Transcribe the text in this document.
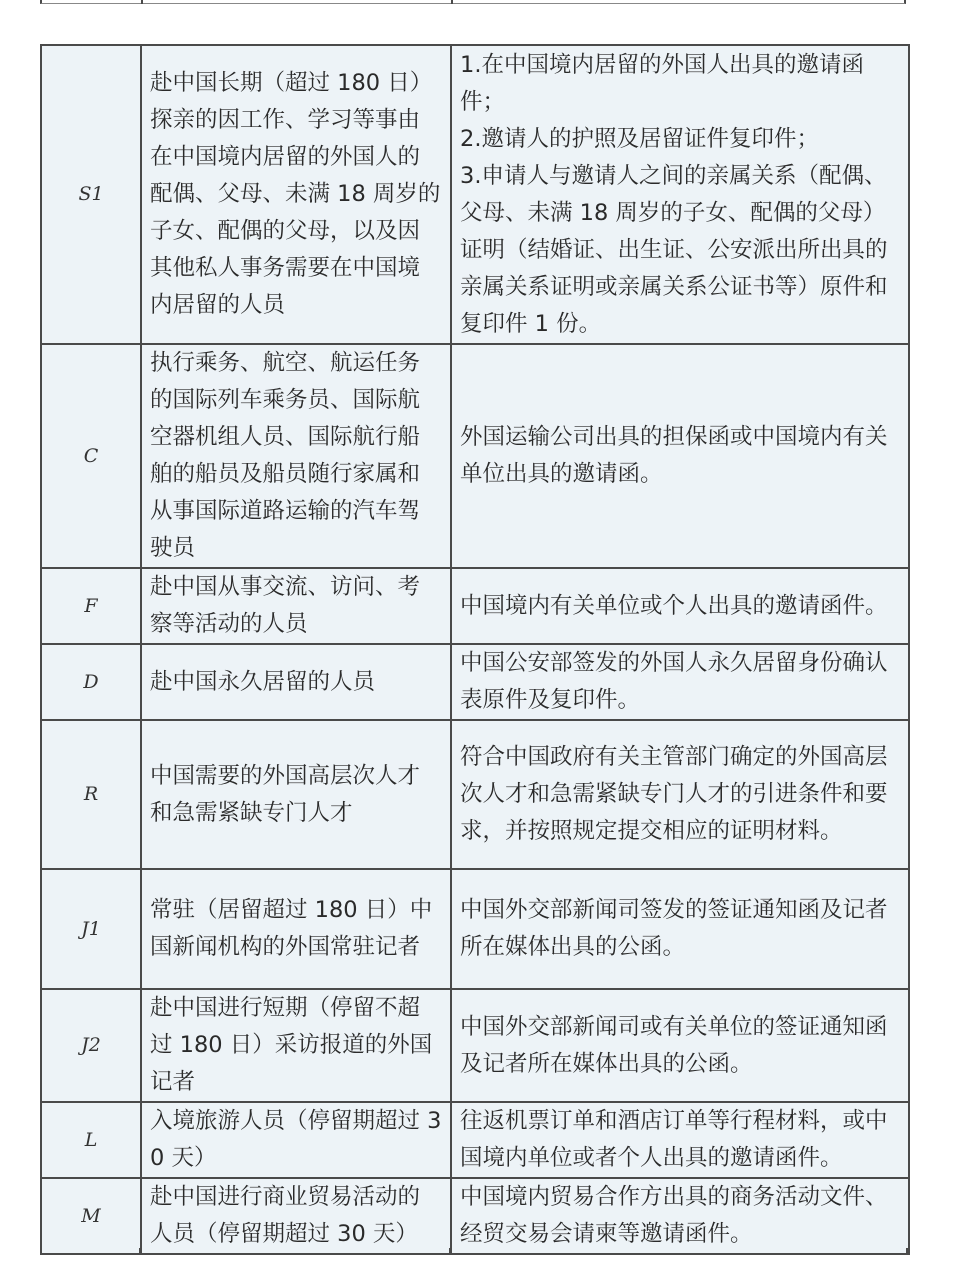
S1	赴中国长期（超过 180 日）探亲的因工作、学习等事由在中国境内居留的外国人的配偶、父母、未满 18 周岁的子女、配偶的父母，以及因其他私人事务需要在中国境内居留的人员	1.在中国境内居留的外国人出具的邀请函件；
2.邀请人的护照及居留证件复印件；
3.申请人与邀请人之间的亲属关系（配偶、父母、未满 18 周岁的子女、配偶的父母）证明（结婚证、出生证、公安派出所出具的亲属关系证明或亲属关系公证书等）原件和复印件 1 份。

C	执行乘务、航空、航运任务的国际列车乘务员、国际航空器机组人员、国际航行船舶的船员及船员随行家属和从事国际道路运输的汽车驾驶员	外国运输公司出具的担保函或中国境内有关单位出具的邀请函。
F	赴中国从事交流、访问、考察等活动的人员	中国境内有关单位或个人出具的邀请函件。
D	赴中国永久居留的人员	中国公安部签发的外国人永久居留身份确认表原件及复印件。
R	中国需要的外国高层次人才和急需紧缺专门人才	符合中国政府有关主管部门确定的外国高层次人才和急需紧缺专门人才的引进条件和要求，并按照规定提交相应的证明材料。
J1	常驻（居留超过 180 日）中国新闻机构的外国常驻记者	中国外交部新闻司签发的签证通知函及记者所在媒体出具的公函。
J2	赴中国进行短期（停留不超过 180 日）采访报道的外国记者	中国外交部新闻司或有关单位的签证通知函及记者所在媒体出具的公函。
L	入境旅游人员（停留期超过 30 天）	往返机票订单和酒店订单等行程材料，或中国境内单位或者个人出具的邀请函件。
M	赴中国进行商业贸易活动的人员（停留期超过 30 天）	中国境内贸易合作方出具的商务活动文件、经贸交易会请柬等邀请函件。
